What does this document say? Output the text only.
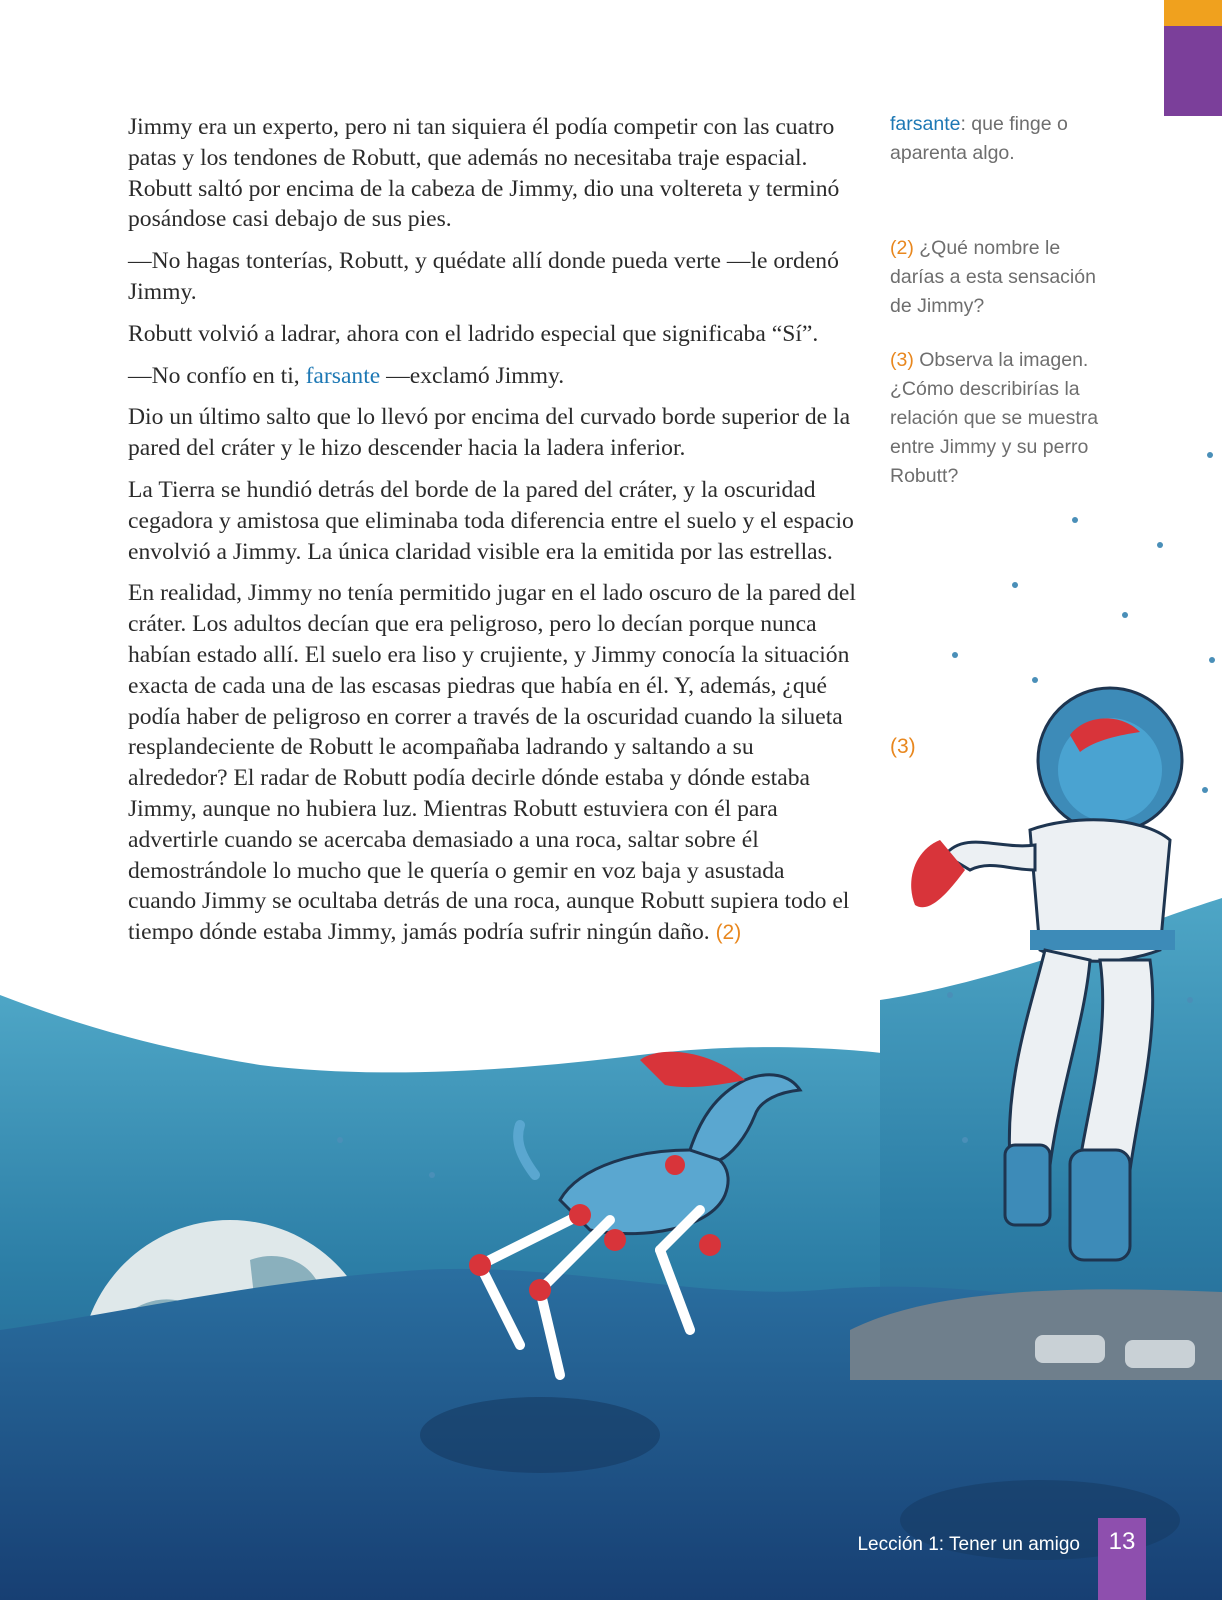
Jimmy era un experto, pero ni tan siquiera él podía competir con las cuatro patas y los tendones de Robutt, que además no necesitaba traje espacial. Robutt saltó por encima de la cabeza de Jimmy, dio una voltereta y terminó posándose casi debajo de sus pies.

—No hagas tonterías, Robutt, y quédate allí donde pueda verte —le ordenó Jimmy.

Robutt volvió a ladrar, ahora con el ladrido especial que significaba “Sí”.

—No confío en ti, farsante —exclamó Jimmy.

Dio un último salto que lo llevó por encima del curvado borde superior de la pared del cráter y le hizo descender hacia la ladera inferior.

La Tierra se hundió detrás del borde de la pared del cráter, y la oscuridad cegadora y amistosa que eliminaba toda diferencia entre el suelo y el espacio envolvió a Jimmy. La única claridad visible era la emitida por las estrellas.

En realidad, Jimmy no tenía permitido jugar en el lado oscuro de la pared del cráter. Los adultos decían que era peligroso, pero lo decían porque nunca habían estado allí. El suelo era liso y crujiente, y Jimmy conocía la situación exacta de cada una de las escasas piedras que había en él. Y, además, ¿qué podía haber de peligroso en correr a través de la oscuridad cuando la silueta resplandeciente de Robutt le acompañaba ladrando y saltando a su alrededor? El radar de Robutt podía decirle dónde estaba y dónde estaba Jimmy, aunque no hubiera luz. Mientras Robutt estuviera con él para advertirle cuando se acercaba demasiado a una roca, saltar sobre él demostrándole lo mucho que le quería o gemir en voz baja y asustada cuando Jimmy se ocultaba detrás de una roca, aunque Robutt supiera todo el tiempo dónde estaba Jimmy, jamás podría sufrir ningún daño. (2)

farsante: que finge o aparenta algo.
(2) ¿Qué nombre le darías a esta sensación de Jimmy?
(3) Observa la imagen. ¿Cómo describirías la relación que se muestra entre Jimmy y su perro Robutt?
(3)
Lección 1: Tener un amigo	13
